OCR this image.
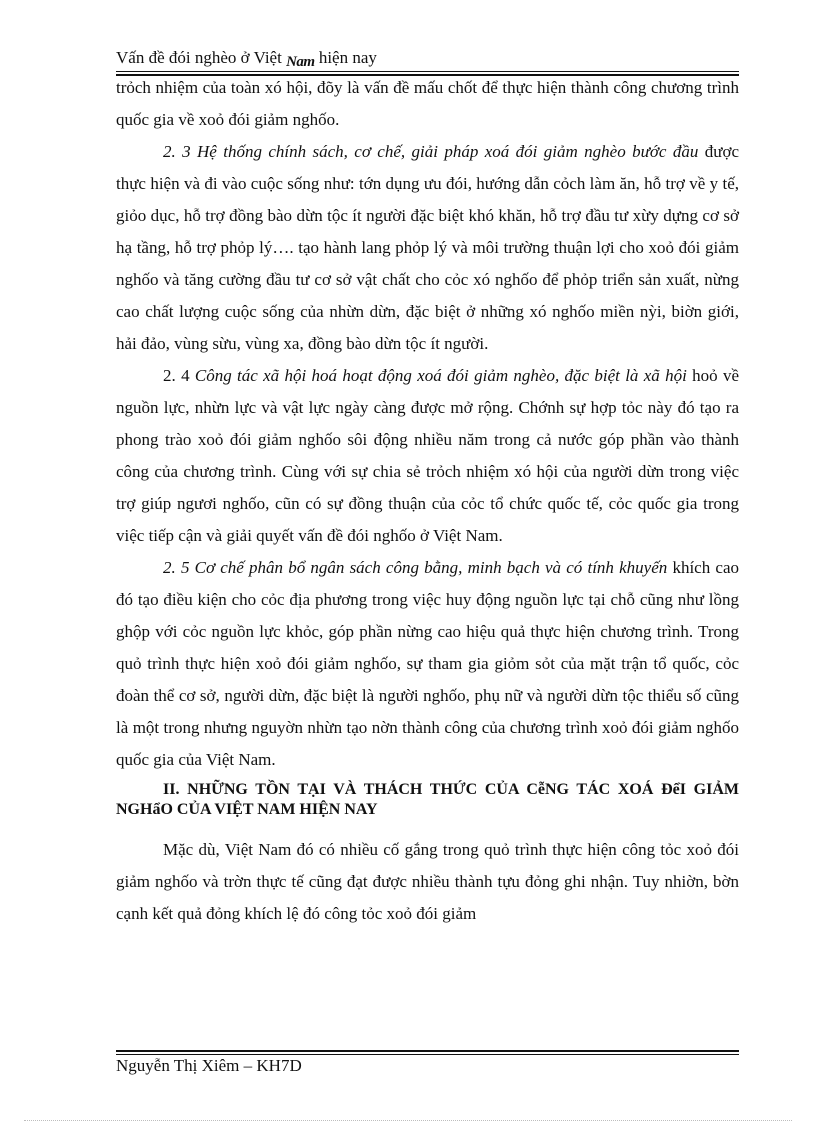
Vấn đề đói nghèo ở Việt Nam hiện nay

trỏch nhiệm của toàn xó hội, đõy là vấn đề mấu chốt để thực hiện thành công chương trình quốc gia về xoỏ đói giảm nghốo.

2. 3 Hệ thống chính sách, cơ chế, giải pháp xoá đói giảm nghèo bước đầu được thực hiện và đi vào cuộc sống như: tớn dụng ưu đói, hướng dẫn cỏch làm ăn, hỗ trợ về y tế, giỏo dục, hỗ trợ đồng bào dừn tộc ít người đặc biệt khó khăn, hỗ trợ đầu tư xừy dựng cơ sở hạ tầng, hỗ trợ phỏp lý…. tạo hành lang phỏp lý và môi trường thuận lợi cho xoỏ đói giảm nghốo và tăng cường đầu tư cơ sở vật chất cho cỏc xó nghốo để phỏp triển sản xuất, nừng cao chất lượng cuộc sống của nhừn dừn, đặc biệt ở những xó nghốo miền nỳi, biờn giới, hải đảo, vùng sừu, vùng xa, đồng bào dừn tộc ít người.

2. 4 Công tác xã hội hoá hoạt động xoá đói giảm nghèo, đặc biệt là xã hội hoỏ về nguồn lực, nhừn lực và vật lực ngày càng được mở rộng. Chớnh sự hợp tỏc này đó tạo ra phong trào xoỏ đói giảm nghốo sôi động nhiều năm trong cả nước góp phần vào thành công của chương trình. Cùng với sự chia sẻ trỏch nhiệm xó hội của người dừn trong việc trợ giúp ngươi nghốo, cũn có sự đồng thuận của cỏc tổ chức quốc tế, cỏc quốc gia trong việc tiếp cận và giải quyết vấn đề đói nghốo ở Việt Nam.

2. 5 Cơ chế phân bổ ngân sách công bằng, minh bạch và có tính khuyến khích cao đó tạo điều kiện cho cỏc địa phương trong việc huy động nguồn lực tại chỗ cũng như lồng ghộp với cỏc nguồn lực khỏc, góp phần nừng cao hiệu quả thực hiện chương trình. Trong quỏ trình thực hiện xoỏ đói giảm nghốo, sự tham gia giỏm sỏt của mặt trận tổ quốc, cỏc đoàn thể cơ sở, người dừn, đặc biệt là người nghốo, phụ nữ và người dừn tộc thiểu số cũng là một trong nhưng nguyờn nhừn tạo nờn thành công của chương trình xoỏ đói giảm nghốo quốc gia của Việt Nam.

II. NHỮNG TỒN TẠI VÀ THÁCH THỨC CỦA CễNG TÁC XOÁ ĐểI GIẢM NGHẩO CỦA VIỆT NAM HIỆN NAY

Mặc dù, Việt Nam đó có nhiều cố gắng trong quỏ trình thực hiện công tỏc xoỏ đói giảm nghốo và trờn thực tế cũng đạt được nhiều thành tựu đỏng ghi nhận. Tuy nhiờn, bờn cạnh kết quả đỏng khích lệ đó công tỏc xoỏ đói giảm

Nguyễn Thị Xiêm – KH7D
